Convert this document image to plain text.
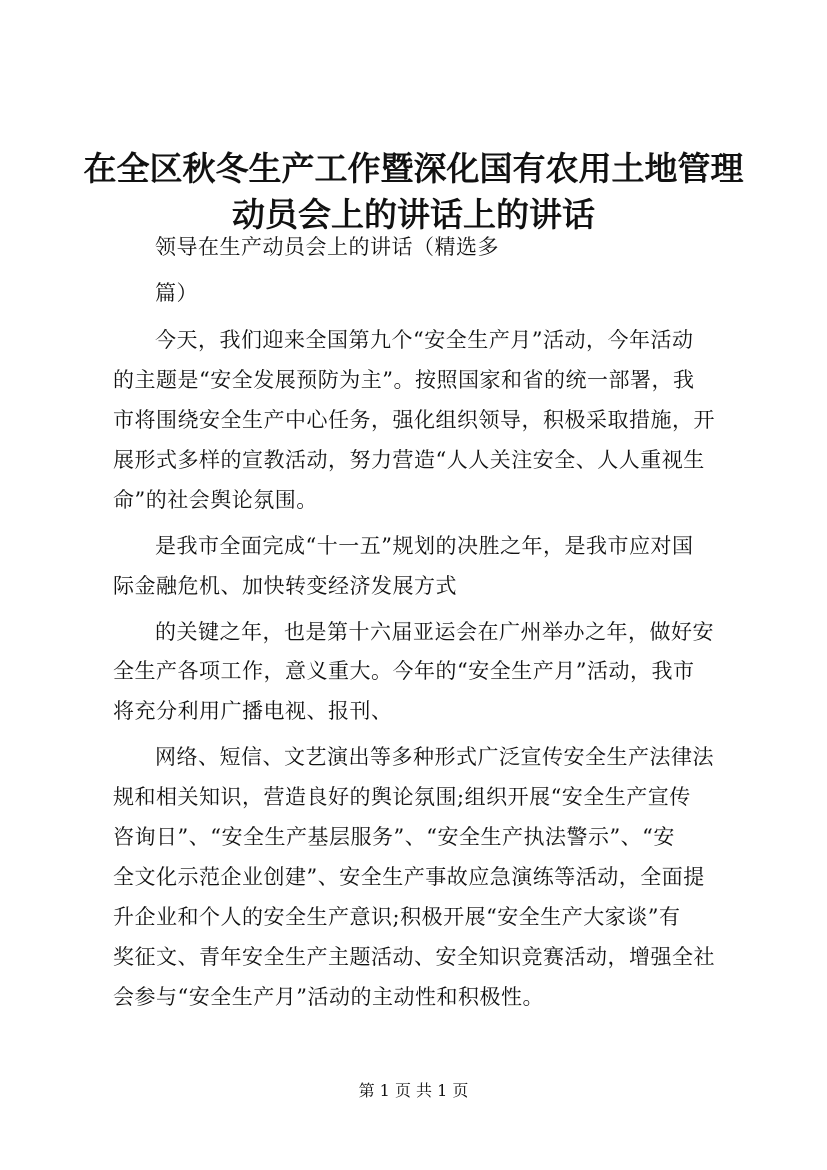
在全区秋冬生产工作暨深化国有农用土地管理
动员会上的讲话上的讲话
领导在生产动员会上的讲话（精选多
篇）
今天，我们迎来全国第九个“安全生产月”活动，今年活动
的主题是“安全发展预防为主”。按照国家和省的统一部署，我
市将围绕安全生产中心任务，强化组织领导，积极采取措施，开
展形式多样的宣教活动，努力营造“人人关注安全、人人重视生
命”的社会舆论氛围。
是我市全面完成“十一五”规划的决胜之年，是我市应对国
际金融危机、加快转变经济发展方式
的关键之年，也是第十六届亚运会在广州举办之年，做好安
全生产各项工作，意义重大。今年的“安全生产月”活动，我市
将充分利用广播电视、报刊、
网络、短信、文艺演出等多种形式广泛宣传安全生产法律法
规和相关知识，营造良好的舆论氛围;组织开展“安全生产宣传
咨询日”、“安全生产基层服务”、“安全生产执法警示”、“安
全文化示范企业创建”、安全生产事故应急演练等活动，全面提
升企业和个人的安全生产意识;积极开展“安全生产大家谈”有
奖征文、青年安全生产主题活动、安全知识竞赛活动，增强全社
会参与“安全生产月”活动的主动性和积极性。
第 1 页 共 1 页
